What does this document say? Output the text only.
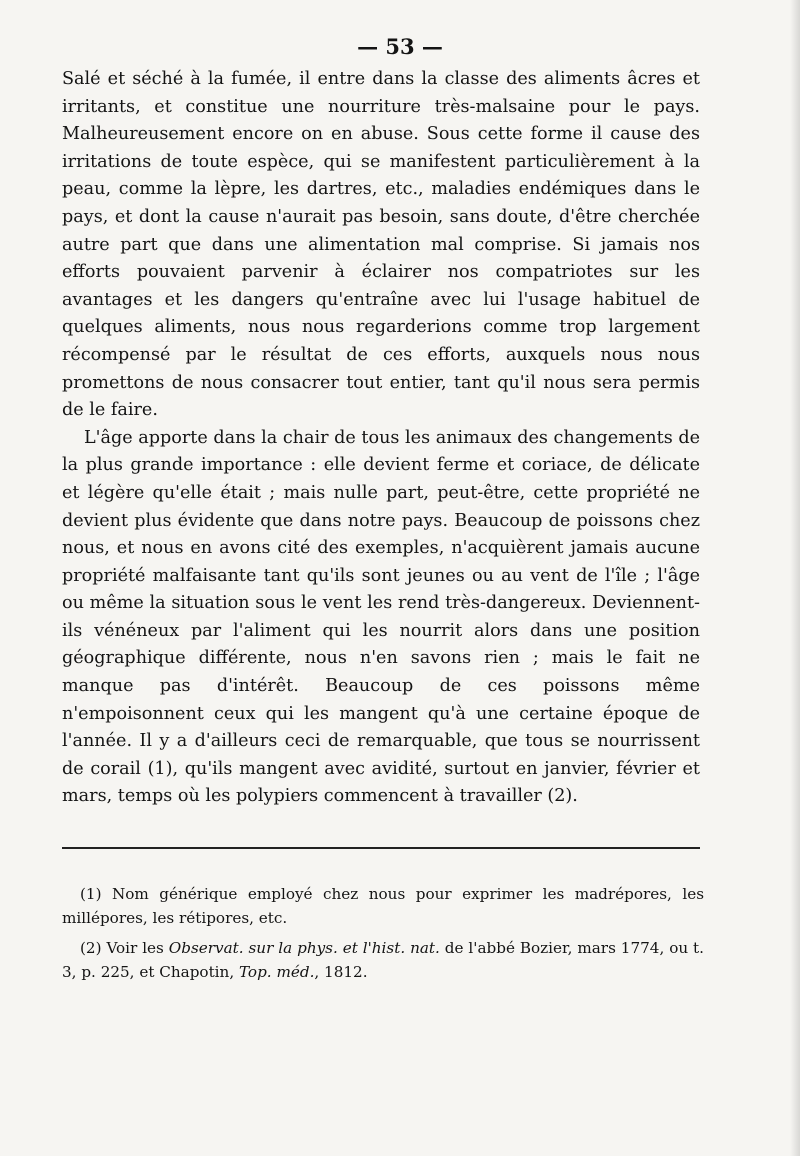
— 53 —

Salé et séché à la fumée, il entre dans la classe des aliments âcres et irritants, et constitue une nourriture très-malsaine pour le pays. Malheureusement encore on en abuse. Sous cette forme il cause des irritations de toute espèce, qui se manifestent particulièrement à la peau, comme la lèpre, les dartres, etc., maladies endémiques dans le pays, et dont la cause n'aurait pas besoin, sans doute, d'être cherchée autre part que dans une alimentation mal comprise. Si jamais nos efforts pouvaient parvenir à éclairer nos compatriotes sur les avantages et les dangers qu'entraîne avec lui l'usage habituel de quelques aliments, nous nous regarderions comme trop largement récompensé par le résultat de ces efforts, auxquels nous nous promettons de nous consacrer tout entier, tant qu'il nous sera permis de le faire.

L'âge apporte dans la chair de tous les animaux des changements de la plus grande importance : elle devient ferme et coriace, de délicate et légère qu'elle était ; mais nulle part, peut-être, cette propriété ne devient plus évidente que dans notre pays. Beaucoup de poissons chez nous, et nous en avons cité des exemples, n'acquièrent jamais aucune propriété malfaisante tant qu'ils sont jeunes ou au vent de l'île ; l'âge ou même la situation sous le vent les rend très-dangereux. Deviennent-ils vénéneux par l'aliment qui les nourrit alors dans une position géographique différente, nous n'en savons rien ; mais le fait ne manque pas d'intérêt. Beaucoup de ces poissons même n'empoisonnent ceux qui les mangent qu'à une certaine époque de l'année. Il y a d'ailleurs ceci de remarquable, que tous se nourrissent de corail (1), qu'ils mangent avec avidité, surtout en janvier, février et mars, temps où les polypiers commencent à travailler (2).

(1) Nom générique employé chez nous pour exprimer les madrépores, les millépores, les rétipores, etc.

(2) Voir les Observat. sur la phys. et l'hist. nat. de l'abbé Bozier, mars 1774, ou t. 3, p. 225, et Chapotin, Top. méd., 1812.
